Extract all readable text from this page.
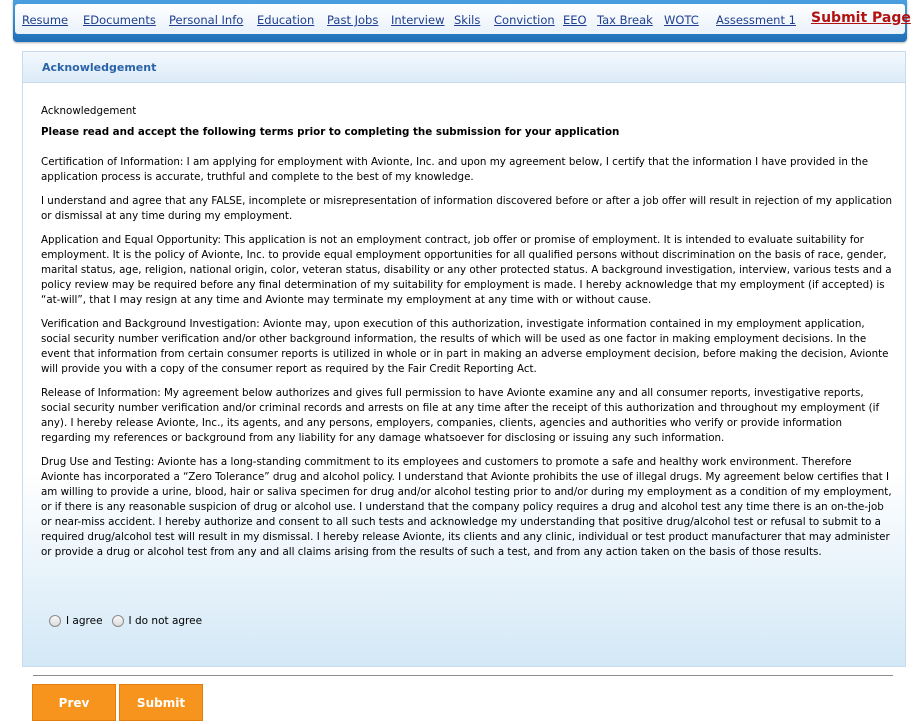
Resume EDocuments Personal Info Education Past Jobs Interview Skils Conviction EEO Tax Break WOTC Assessment 1 Submit Page
Acknowledgement

Acknowledgement

Please read and accept the following terms prior to completing the submission for your application

Certification of Information: I am applying for employment with Avionte, Inc. and upon my agreement below, I certify that the information I have provided in the application process is accurate, truthful and complete to the best of my knowledge.

I understand and agree that any FALSE, incomplete or misrepresentation of information discovered before or after a job offer will result in rejection of my application or dismissal at any time during my employment.

Application and Equal Opportunity: This application is not an employment contract, job offer or promise of employment. It is intended to evaluate suitability for employment. It is the policy of Avionte, Inc. to provide equal employment opportunities for all qualified persons without discrimination on the basis of race, gender, marital status, age, religion, national origin, color, veteran status, disability or any other protected status. A background investigation, interview, various tests and a policy review may be required before any final determination of my suitability for employment is made. I hereby acknowledge that my employment (if accepted) is “at-will”, that I may resign at any time and Avionte may terminate my employment at any time with or without cause.

Verification and Background Investigation: Avionte may, upon execution of this authorization, investigate information contained in my employment application, social security number verification and/or other background information, the results of which will be used as one factor in making employment decisions. In the event that information from certain consumer reports is utilized in whole or in part in making an adverse employment decision, before making the decision, Avionte will provide you with a copy of the consumer report as required by the Fair Credit Reporting Act.

Release of Information: My agreement below authorizes and gives full permission to have Avionte examine any and all consumer reports, investigative reports, social security number verification and/or criminal records and arrests on file at any time after the receipt of this authorization and throughout my employment (if any). I hereby release Avionte, Inc., its agents, and any persons, employers, companies, clients, agencies and authorities who verify or provide information regarding my references or background from any liability for any damage whatsoever for disclosing or issuing any such information.

Drug Use and Testing: Avionte has a long-standing commitment to its employees and customers to promote a safe and healthy work environment. Therefore Avionte has incorporated a “Zero Tolerance” drug and alcohol policy. I understand that Avionte prohibits the use of illegal drugs. My agreement below certifies that I am willing to provide a urine, blood, hair or saliva specimen for drug and/or alcohol testing prior to and/or during my employment as a condition of my employment, or if there is any reasonable suspicion of drug or alcohol use. I understand that the company policy requires a drug and alcohol test any time there is an on-the-job or near-miss accident. I hereby authorize and consent to all such tests and acknowledge my understanding that positive drug/alcohol test or refusal to submit to a required drug/alcohol test will result in my dismissal. I hereby release Avionte, its clients and any clinic, individual or test product manufacturer that may administer or provide a drug or alcohol test from any and all claims arising from the results of such a test, and from any action taken on the basis of those results.

I agree I do not agree
Prev	Submit
